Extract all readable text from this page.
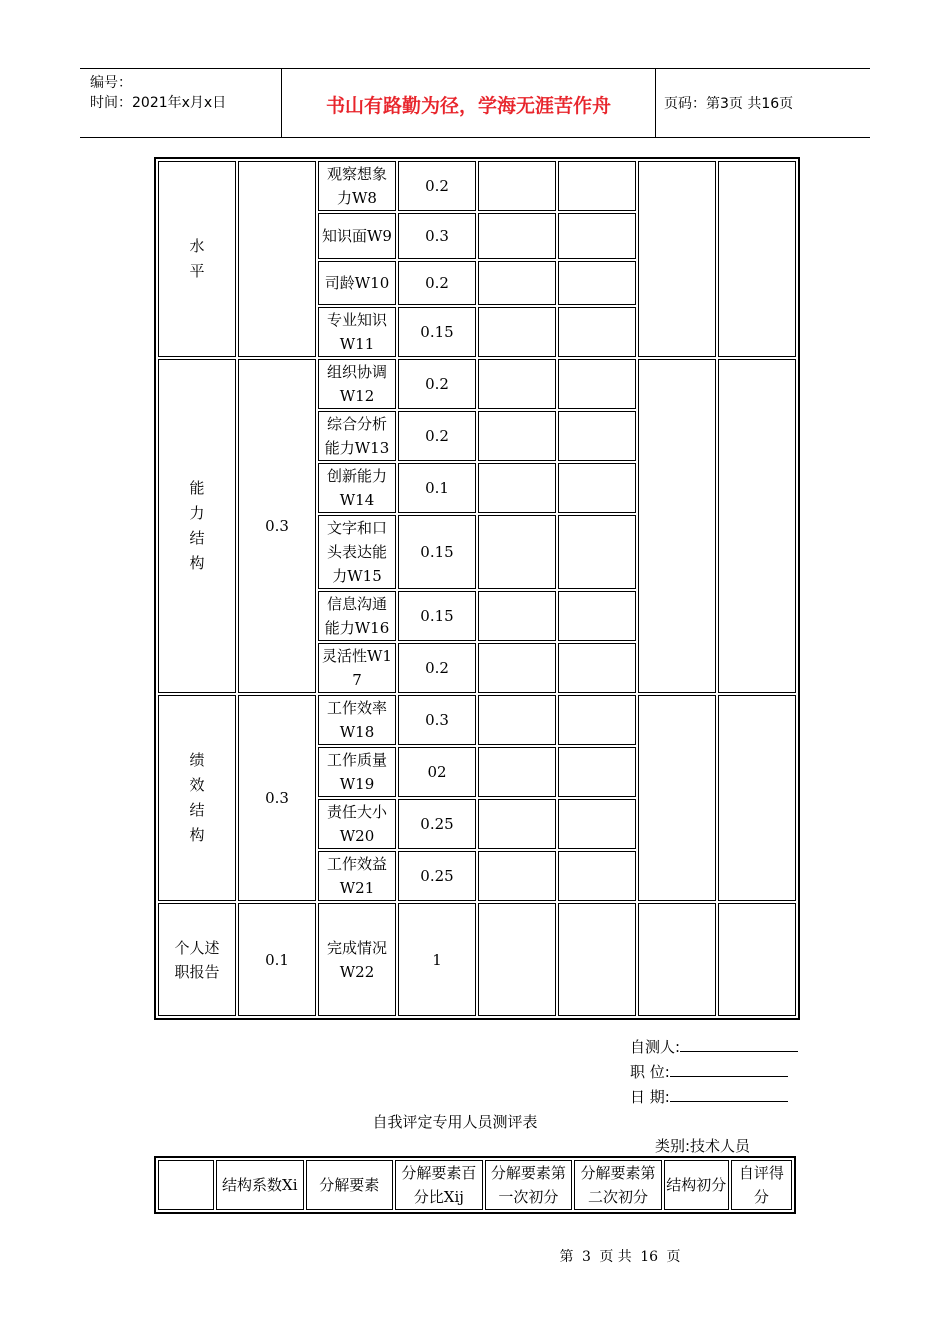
编号：
时间：2021年x月x日	书山有路勤为径，学海无涯苦作舟	页码：第3页 共16页
水平		观察想象力W8	0.2				
		知识面W9	0.3				
		司龄W10	0.2				
		专业知识W11	0.15				
能力结构	0.3	组织协调W12	0.2				
		综合分析能力W13	0.2				
		创新能力W14	0.1				
		文字和口头表达能力W15	0.15				
		信息沟通能力W16	0.15				
		灵活性W17	0.2				
绩效结构	0.3	工作效率W18	0.3				
		工作质量W19	02				
		责任大小W20	0.25				
		工作效益W21	0.25				
个人述职报告	0.1	完成情况W22	1				
自测人:
职 位:
日 期:
自我评定专用人员测评表
类别:技术人员
	结构系数Xi	分解要素	分解要素百分比Xij	分解要素第一次初分	分解要素第二次初分	结构初分	自评得分
第 3 页 共 16 页
